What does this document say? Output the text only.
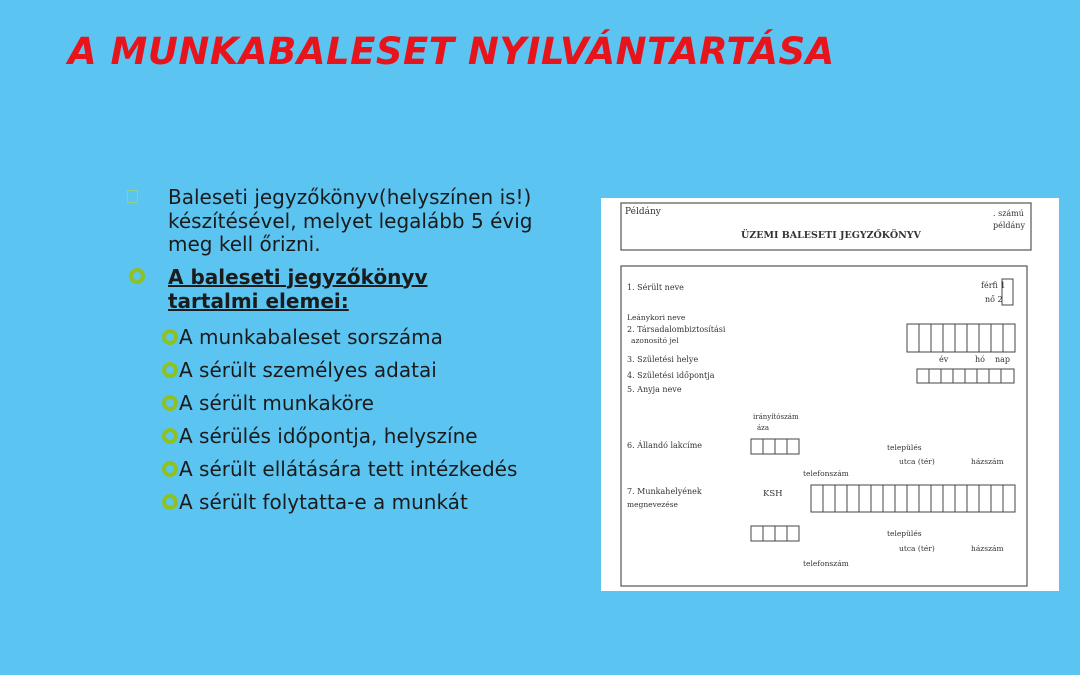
A MUNKABALESET NYILVÁNTARTÁSA
Baleseti jegyzőkönyv(helyszínen is!) készítésével, melyet legalább 5 évig meg kell őrizni.
A baleseti jegyzőkönyv
tartalmi elemei:
A munkabaleset sorszáma
A sérült személyes adatai
A sérült munkaköre
A sérülés időpontja, helyszíne
A sérült ellátására tett intézkedés
A sérült folytatta-e a munkát
Példány	. számú
példány
ÜZEMI BALESETI JEGYZŐKÖNYV
1. Sérült neve	férfi 1
nő 2
Leánykori neve
2. Társadalombiztosítási
azonosító jel
3. Születési helye	év	hó nap
4. Születési időpontja
5. Anyja neve
irányítószám
áza
6. Állandó lakcíme	település
utca (tér)	házszám
telefonszám
7. Munkahelyének
megnevezése
KSH
település
utca (tér)	házszám
telefonszám
